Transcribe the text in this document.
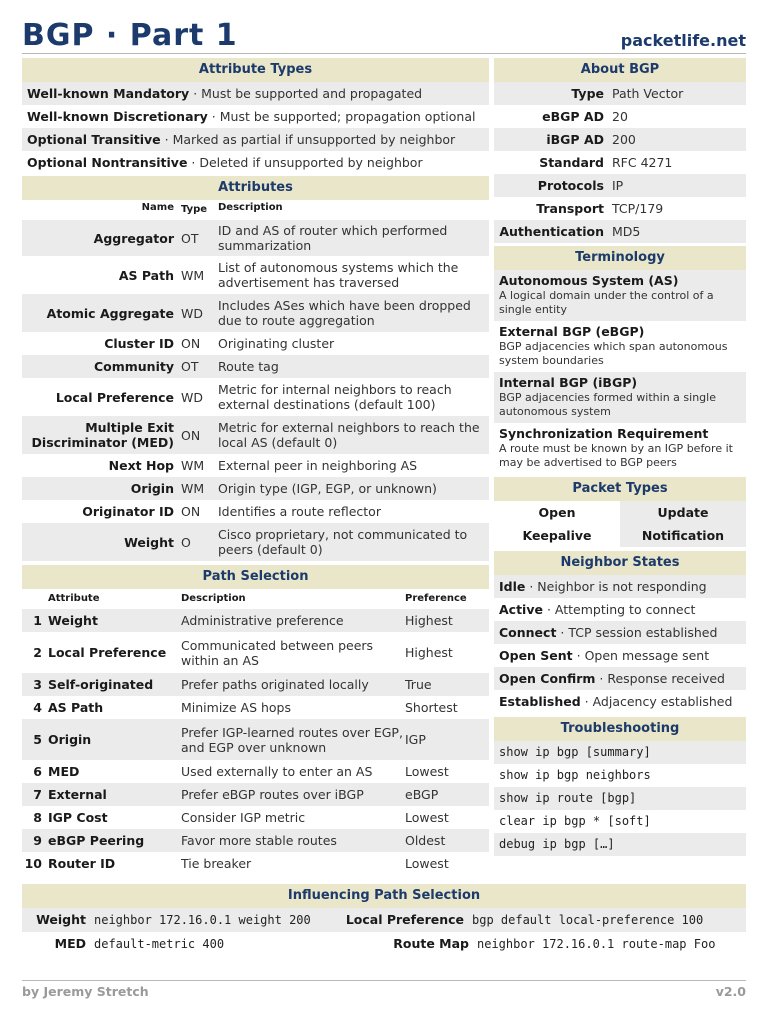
BGP · Part 1	packetlife.net
Attribute Types
Well-known Mandatory · Must be supported and propagated
Well-known Discretionary · Must be supported; propagation optional
Optional Transitive · Marked as partial if unsupported by neighbor
Optional Nontransitive · Deleted if unsupported by neighbor
Attributes
Name Type	Description
Aggregator OT	ID and AS of router which performed summarization
AS Path WM	List of autonomous systems which the advertisement has traversed
Atomic Aggregate WD	Includes ASes which have been dropped due to route aggregation
Cluster ID ON	Originating cluster
Community OT	Route tag
Local Preference WD	Metric for internal neighbors to reach external destinations (default 100)
Multiple Exit Discriminator (MED) ON	Metric for external neighbors to reach the local AS (default 0)
Next Hop WM	External peer in neighboring AS
Origin WM	Origin type (IGP, EGP, or unknown)
Originator ID ON	Identifies a route reflector
Weight O	Cisco proprietary, not communicated to peers (default 0)
Path Selection
Attribute	Description	Preference
1 Weight	Administrative preference	Highest
2 Local Preference	Communicated between peers within an AS	Highest
3 Self-originated	Prefer paths originated locally	True
4 AS Path	Minimize AS hops	Shortest
5 Origin	Prefer IGP-learned routes over EGP, and EGP over unknown	IGP
6 MED	Used externally to enter an AS	Lowest
7 External	Prefer eBGP routes over iBGP	eBGP
8 IGP Cost	Consider IGP metric	Lowest
9 eBGP Peering	Favor more stable routes	Oldest
10 Router ID	Tie breaker	Lowest
About BGP
Type Path Vector
eBGP AD 20
iBGP AD 200
Standard RFC 4271
Protocols IP
Transport TCP/179
Authentication MD5
Terminology
Autonomous System (AS)
A logical domain under the control of a single entity
External BGP (eBGP)
BGP adjacencies which span autonomous system boundaries
Internal BGP (iBGP)
BGP adjacencies formed within a single autonomous system
Synchronization Requirement
A route must be known by an IGP before it may be advertised to BGP peers
Packet Types
Open	Update
Keepalive	Notification
Neighbor States
Idle · Neighbor is not responding
Active · Attempting to connect
Connect · TCP session established
Open Sent · Open message sent
Open Confirm · Response received
Established · Adjacency established
Troubleshooting
show ip bgp [summary]
show ip bgp neighbors
show ip route [bgp]
clear ip bgp * [soft]
debug ip bgp […]
Influencing Path Selection
Weight neighbor 172.16.0.1 weight 200	Local Preference bgp default local-preference 100
MED default-metric 400	Route Map neighbor 172.16.0.1 route-map Foo
by Jeremy Stretch	v2.0
